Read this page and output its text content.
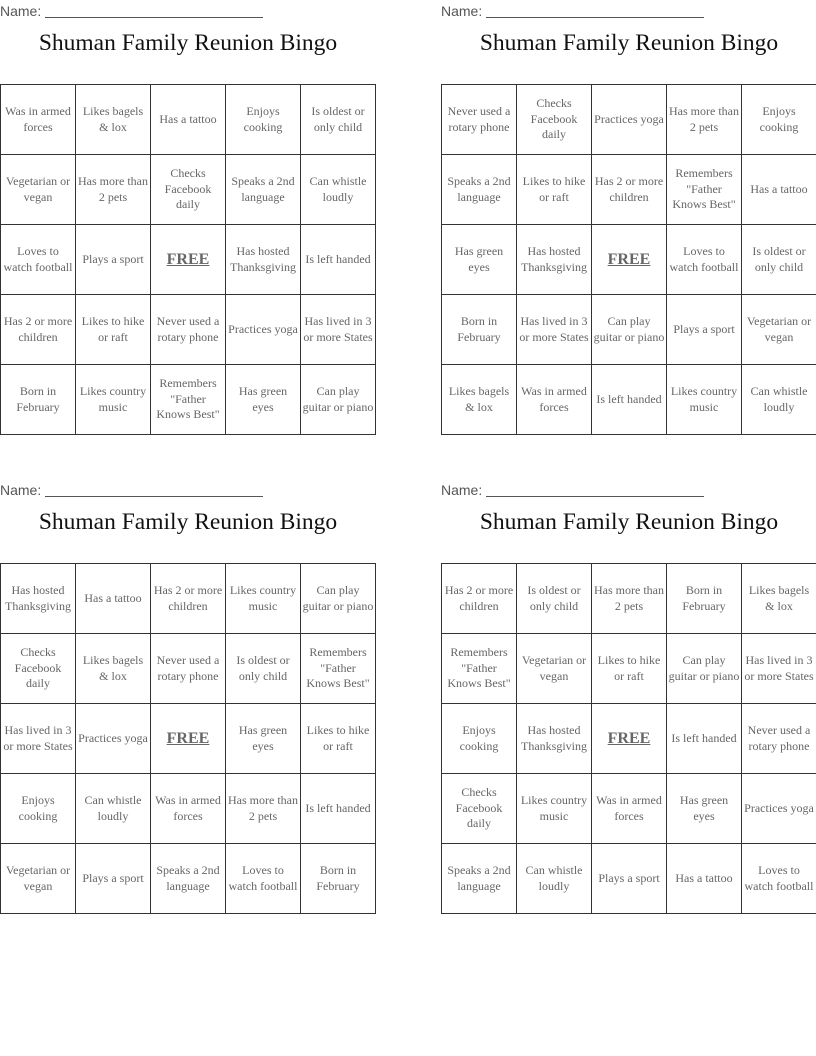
Name:
Shuman Family Reunion Bingo
Was in armed forces	Likes bagels & lox	Has a tattoo	Enjoys cooking	Is oldest or only child
Vegetarian or vegan	Has more than 2 pets	Checks Facebook daily	Speaks a 2nd language	Can whistle loudly
Loves to watch football	Plays a sport	FREE	Has hosted Thanksgiving	Is left handed
Has 2 or more children	Likes to hike or raft	Never used a rotary phone	Practices yoga	Has lived in 3 or more States
Born in February	Likes country music	Remembers "Father Knows Best"	Has green eyes	Can play guitar or piano
Name:
Shuman Family Reunion Bingo
Never used a rotary phone	Checks Facebook daily	Practices yoga	Has more than 2 pets	Enjoys cooking
Speaks a 2nd language	Likes to hike or raft	Has 2 or more children	Remembers "Father Knows Best"	Has a tattoo
Has green eyes	Has hosted Thanksgiving	FREE	Loves to watch football	Is oldest or only child
Born in February	Has lived in 3 or more States	Can play guitar or piano	Plays a sport	Vegetarian or vegan
Likes bagels & lox	Was in armed forces	Is left handed	Likes country music	Can whistle loudly
Name:
Shuman Family Reunion Bingo
Has hosted Thanksgiving	Has a tattoo	Has 2 or more children	Likes country music	Can play guitar or piano
Checks Facebook daily	Likes bagels & lox	Never used a rotary phone	Is oldest or only child	Remembers "Father Knows Best"
Has lived in 3 or more States	Practices yoga	FREE	Has green eyes	Likes to hike or raft
Enjoys cooking	Can whistle loudly	Was in armed forces	Has more than 2 pets	Is left handed
Vegetarian or vegan	Plays a sport	Speaks a 2nd language	Loves to watch football	Born in February
Name:
Shuman Family Reunion Bingo
Has 2 or more children	Is oldest or only child	Has more than 2 pets	Born in February	Likes bagels & lox
Remembers "Father Knows Best"	Vegetarian or vegan	Likes to hike or raft	Can play guitar or piano	Has lived in 3 or more States
Enjoys cooking	Has hosted Thanksgiving	FREE	Is left handed	Never used a rotary phone
Checks Facebook daily	Likes country music	Was in armed forces	Has green eyes	Practices yoga
Speaks a 2nd language	Can whistle loudly	Plays a sport	Has a tattoo	Loves to watch football
